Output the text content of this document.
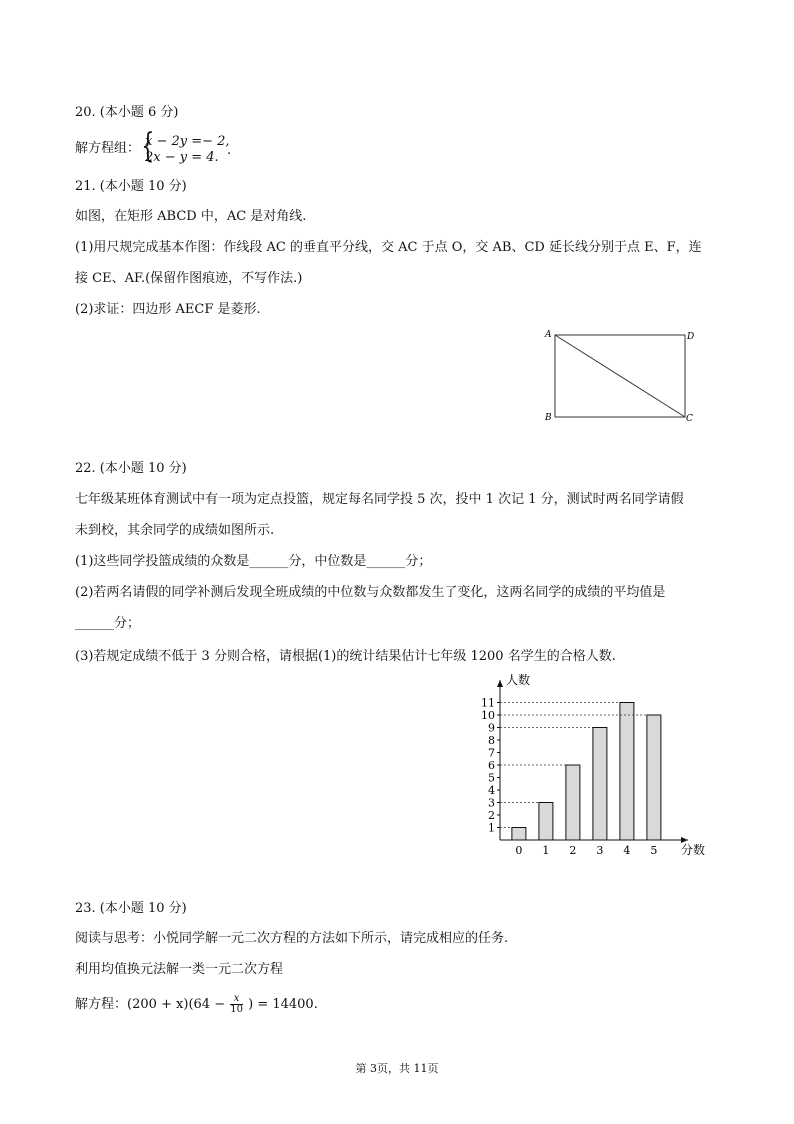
20. (本小题 6 分)
解方程组： {
x − 2y =− 2,
2x − y = 4. .
21. (本小题 10 分)
如图，在矩形 ABCD 中，AC 是对角线.
(1)用尺规完成基本作图：作线段 AC 的垂直平分线，交 AC 于点 O，交 AB、CD 延长线分别于点 E、F，连
接 CE、AF.(保留作图痕迹，不写作法.)
(2)求证：四边形 AECF 是菱形.
A
B	C
D
22. (本小题 10 分)
七年级某班体育测试中有一项为定点投篮，规定每名同学投 5 次，投中 1 次记 1 分，测试时两名同学请假
未到校，其余同学的成绩如图所示.
(1)这些同学投篮成绩的众数是______分，中位数是______分；
(2)若两名请假的同学补测后发现全班成绩的中位数与众数都发生了变化，这两名同学的成绩的平均值是
______分；
(3)若规定成绩不低于 3 分则合格，请根据(1)的统计结果估计七年级 1200 名学生的合格人数.
1
2
3
4
5
6
7
8
9
10
11
0 1 2 3 4 5
人数
分数
23. (本小题 10 分)
阅读与思考：小悦同学解一元二次方程的方法如下所示，请完成相应的任务.
利用均值换元法解一类一元二次方程
解方程：$(200 + x)(64 - \frac{x}{10}$ ) = 14400.
第 3页，共 11页
